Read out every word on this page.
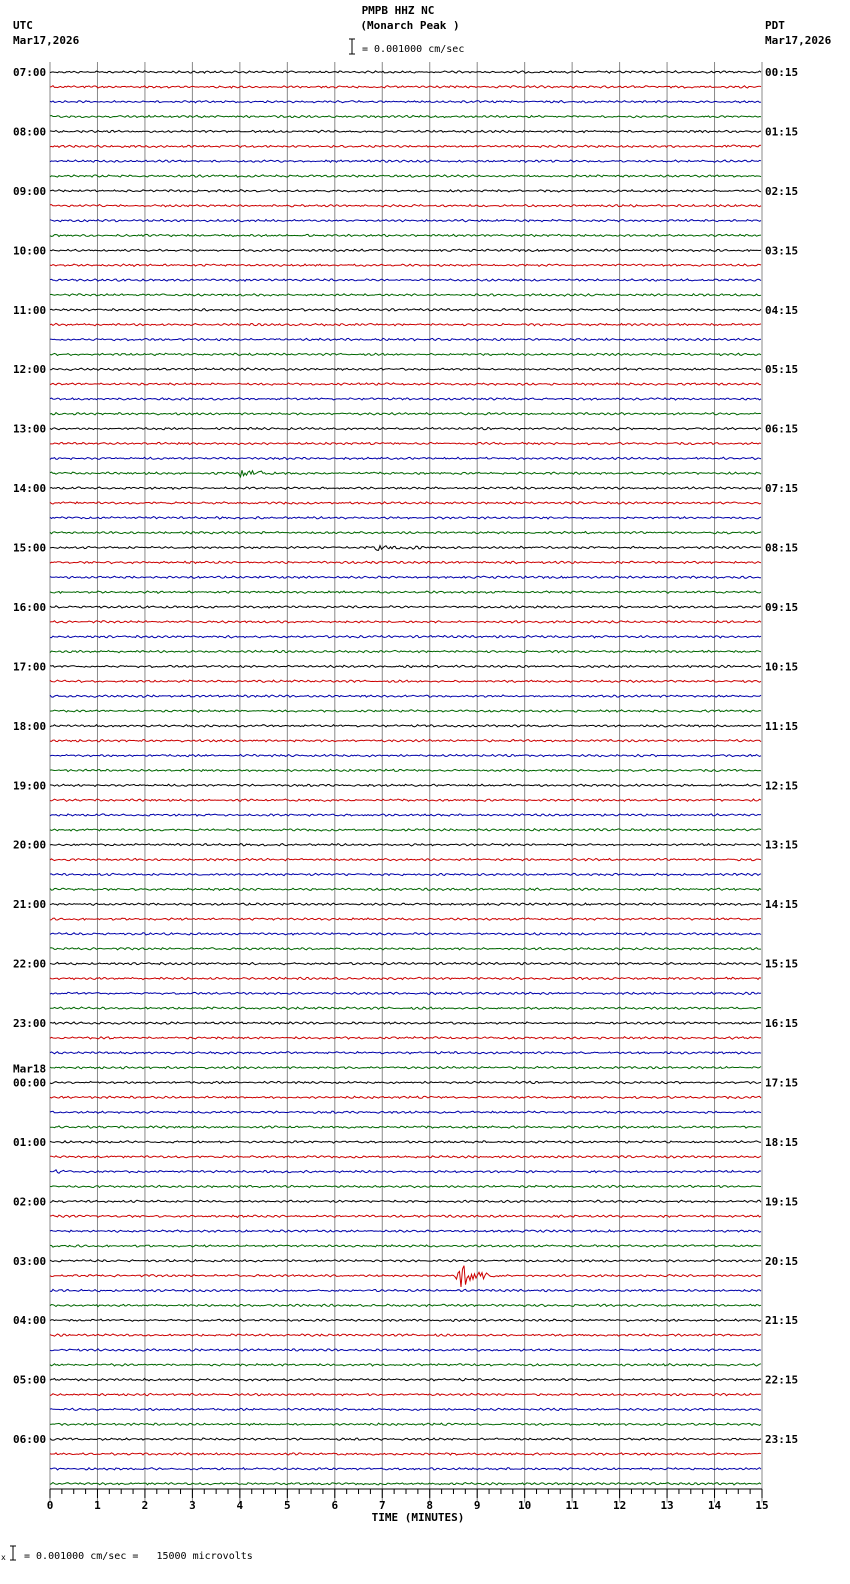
PMPB HHZ NC
(Monarch Peak )
= 0.001000 cm/sec
UTC
Mar17,2026
PDT
Mar17,2026
07:00
08:00
09:00
10:00
11:00
12:00
13:00
14:00
15:00
16:00
17:00
18:00
19:00
20:00
21:00
22:00
23:00
00:00
Mar18
01:00
02:00
03:00
04:00
05:00
06:00
00:15
01:15
02:15
03:15
04:15
05:15
06:15
07:15
08:15
09:15
10:15
11:15
12:15
13:15
14:15
15:15
16:15
17:15
18:15
19:15
20:15
21:15
22:15
23:15
0	1	2	3	4	5	6	7	8	9	10	11	12	13	14	15
TIME (MINUTES)
x = 0.001000 cm/sec =   15000 microvolts
